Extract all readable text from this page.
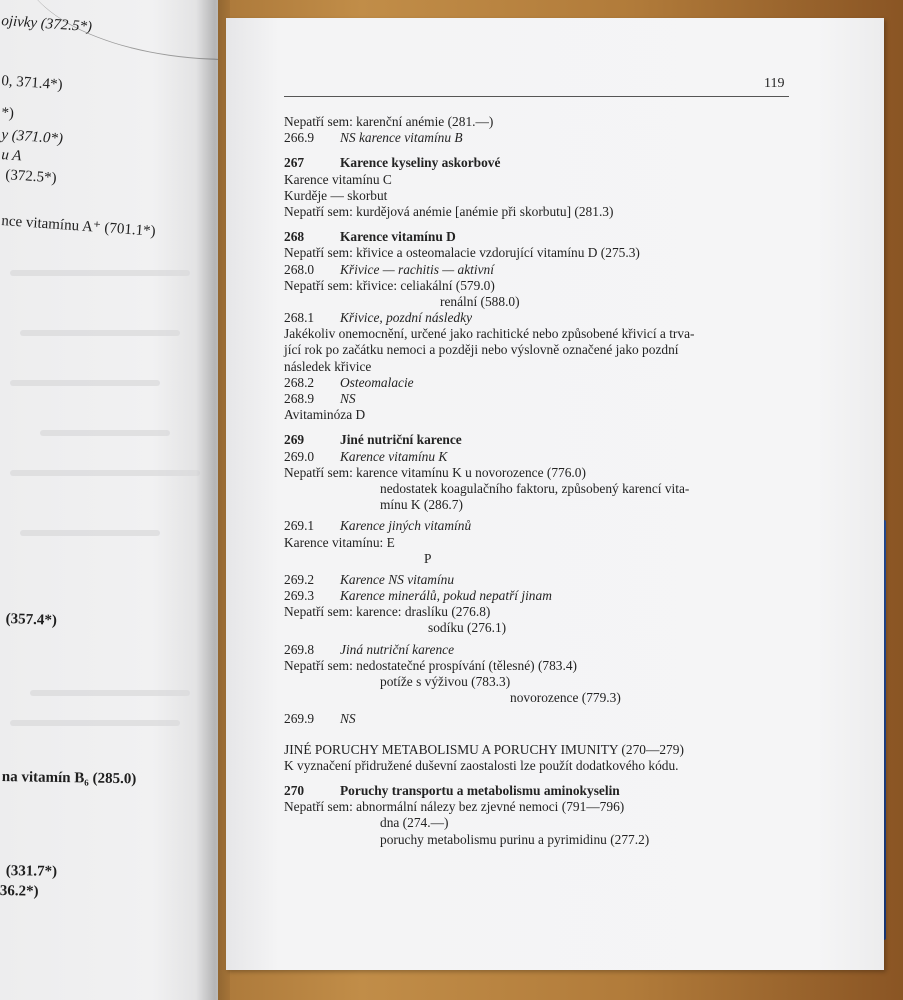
ojivky (372.5*)
0, 371.4*)
*)
y (371.0*)
u A
(372.5*)
nce vitamínu A⁺ (701.1*)
(357.4*)
na vitamín B₆ (285.0)
(331.7*)
36.2*)
119
Nepatří sem: karenční anémie (281.—)
266.9 NS karence vitamínu B
267	Karence kyseliny askorbové
Karence vitamínu C
Kurděje — skorbut
Nepatří sem: kurdějová anémie [anémie při skorbutu] (281.3)
268	Karence vitamínu D
Nepatří sem: křivice a osteomalacie vzdorující vitamínu D (275.3)
268.0 Křivice — rachitis — aktivní
Nepatří sem: křivice: celiakální (579.0)
renální (588.0)
268.1 Křivice, pozdní následky
Jakékoliv onemocnění, určené jako rachitické nebo způsobené křivicí a trva-
jící rok po začátku nemoci a později nebo výslovně označené jako pozdní
následek křivice
268.2 Osteomalacie
268.9 NS
Avitaminóza D
269	Jiné nutriční karence
269.0 Karence vitamínu K
Nepatří sem: karence vitamínu K u novorozence (776.0)
nedostatek koagulačního faktoru, způsobený karencí vita-
mínu K (286.7)
269.1 Karence jiných vitamínů
Karence vitamínu: E
P
269.2 Karence NS vitamínu
269.3 Karence minerálů, pokud nepatří jinam
Nepatří sem: karence: draslíku (276.8)
sodíku (276.1)
269.8 Jiná nutriční karence
Nepatří sem: nedostatečné prospívání (tělesné) (783.4)
potíže s výživou (783.3)
novorozence (779.3)
269.9 NS
JINÉ PORUCHY METABOLISMU A PORUCHY IMUNITY (270—279)
K vyznačení přidružené duševní zaostalosti lze použít dodatkového kódu.
270	Poruchy transportu a metabolismu aminokyselin
Nepatří sem: abnormální nálezy bez zjevné nemoci (791—796)
dna (274.—)
poruchy metabolismu purinu a pyrimidinu (277.2)
